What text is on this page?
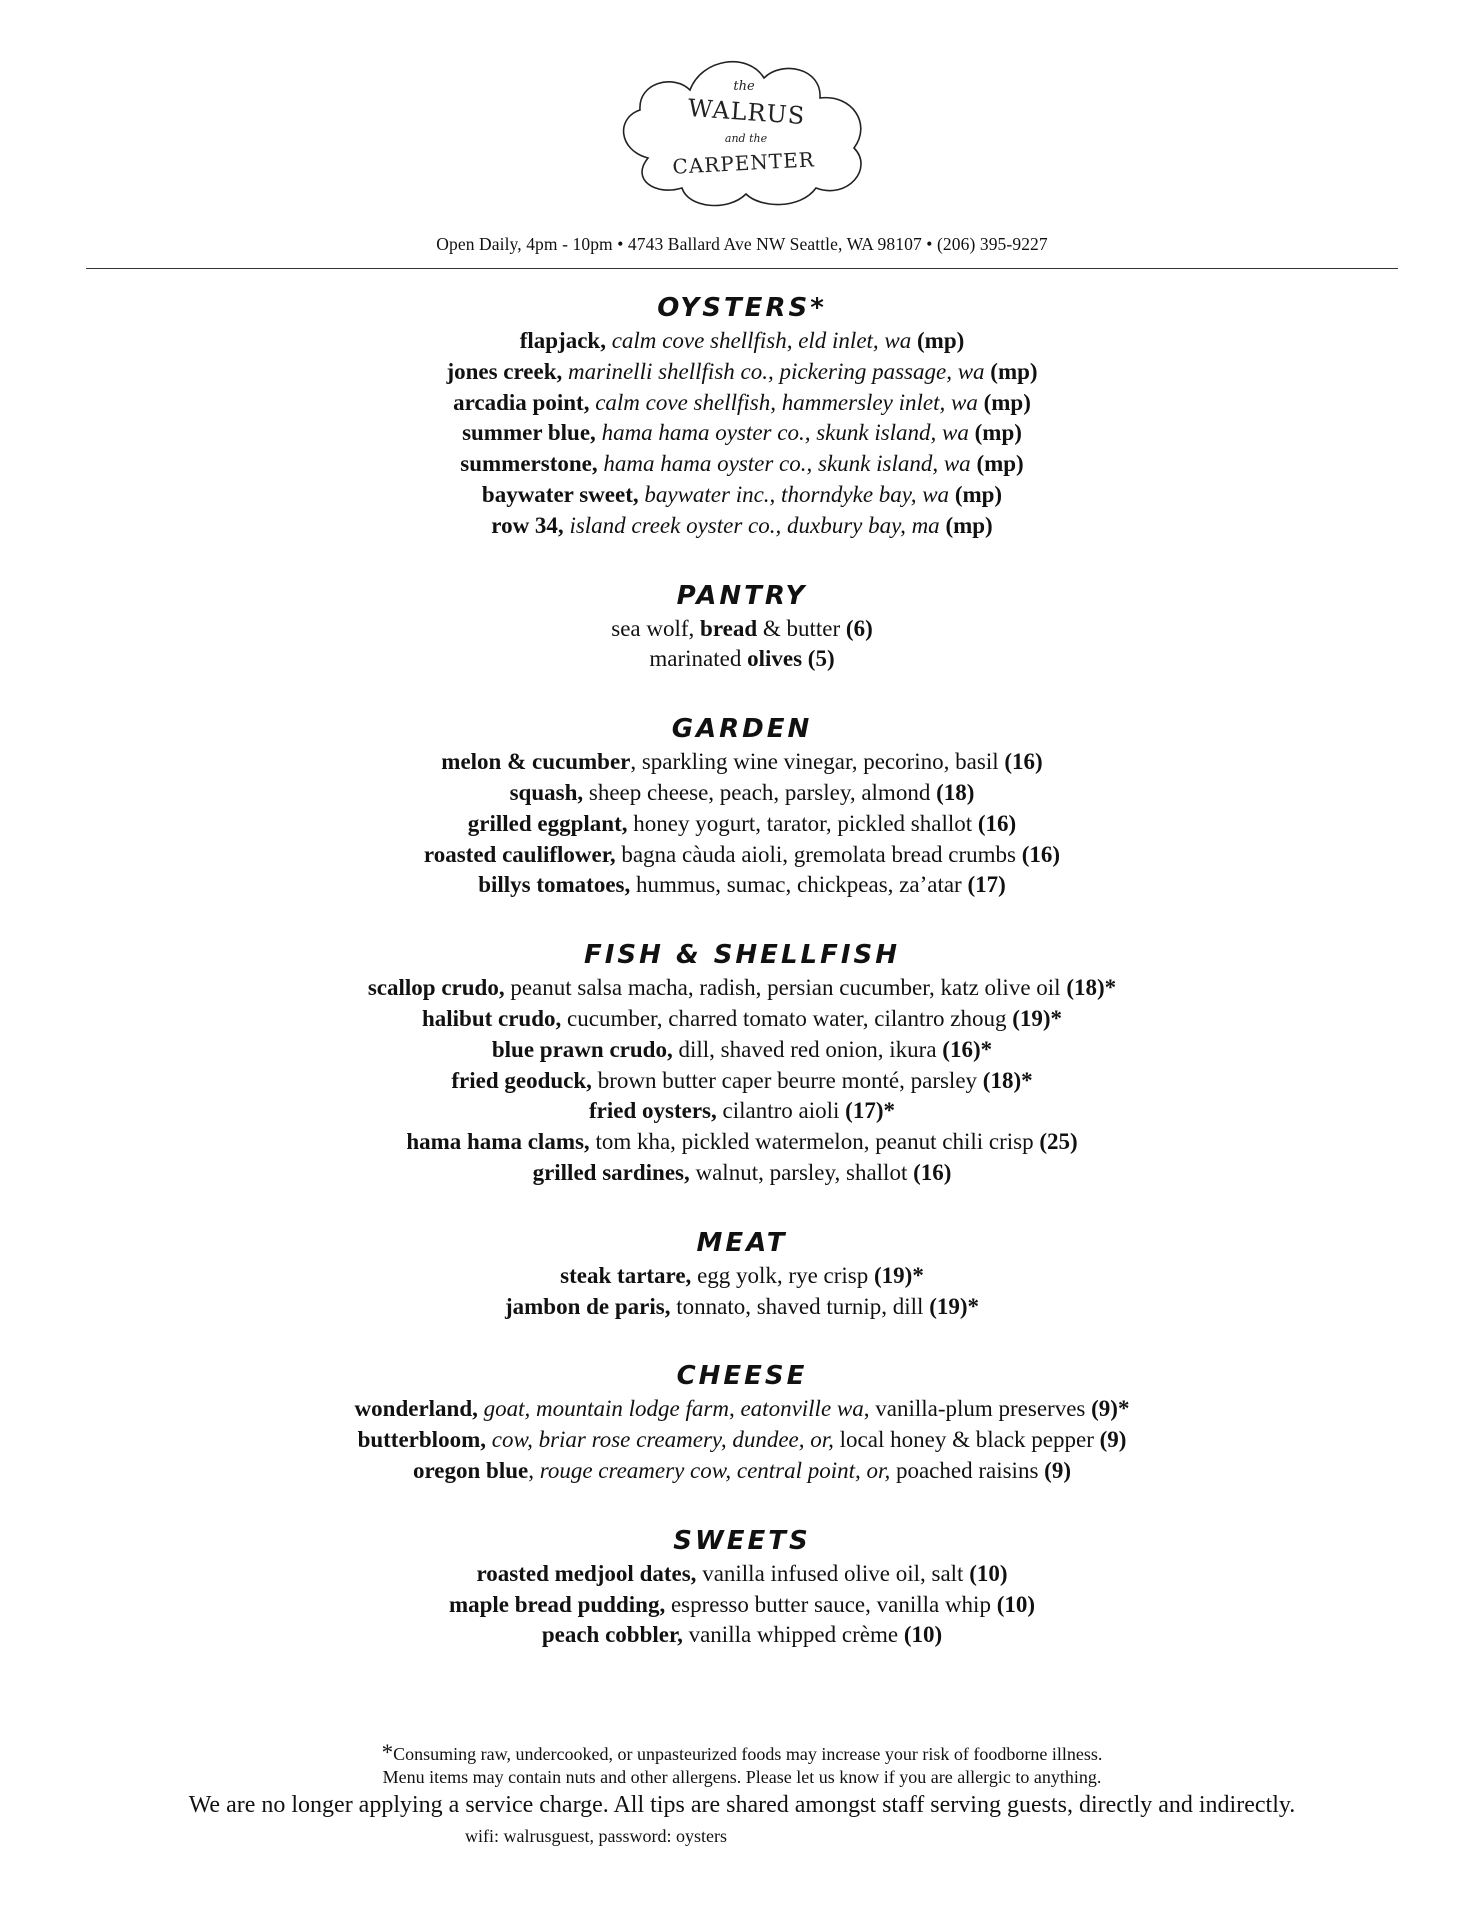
the
WALRUS
and the
CARPENTER
Open Daily, 4pm - 10pm • 4743 Ballard Ave NW Seattle, WA 98107 • (206) 395-9227
OYSTERS*
flapjack, calm cove shellfish, eld inlet, wa (mp)
jones creek, marinelli shellfish co., pickering passage, wa (mp)
arcadia point, calm cove shellfish, hammersley inlet, wa (mp)
summer blue, hama hama oyster co., skunk island, wa (mp)
summerstone, hama hama oyster co., skunk island, wa (mp)
baywater sweet, baywater inc., thorndyke bay, wa (mp)
row 34, island creek oyster co., duxbury bay, ma (mp)
PANTRY
sea wolf, bread & butter (6)
marinated olives (5)
GARDEN
melon & cucumber, sparkling wine vinegar, pecorino, basil (16)
squash, sheep cheese, peach, parsley, almond (18)
grilled eggplant, honey yogurt, tarator, pickled shallot (16)
roasted cauliflower, bagna càuda aioli, gremolata bread crumbs (16)
billys tomatoes, hummus, sumac, chickpeas, za’atar (17)
FISH & SHELLFISH
scallop crudo, peanut salsa macha, radish, persian cucumber, katz olive oil (18)*
halibut crudo, cucumber, charred tomato water, cilantro zhoug (19)*
blue prawn crudo, dill, shaved red onion, ikura (16)*
fried geoduck, brown butter caper beurre monté, parsley (18)*
fried oysters, cilantro aioli (17)*
hama hama clams, tom kha, pickled watermelon, peanut chili crisp (25)
grilled sardines, walnut, parsley, shallot (16)
MEAT
steak tartare, egg yolk, rye crisp (19)*
jambon de paris, tonnato, shaved turnip, dill (19)*
CHEESE
wonderland, goat, mountain lodge farm, eatonville wa, vanilla-plum preserves (9)*
butterbloom, cow, briar rose creamery, dundee, or, local honey & black pepper (9)
oregon blue, rouge creamery cow, central point, or, poached raisins (9)
SWEETS
roasted medjool dates, vanilla infused olive oil, salt (10)
maple bread pudding, espresso butter sauce, vanilla whip (10)
peach cobbler, vanilla whipped crème (10)
*Consuming raw, undercooked, or unpasteurized foods may increase your risk of foodborne illness.
Menu items may contain nuts and other allergens. Please let us know if you are allergic to anything.
We are no longer applying a service charge. All tips are shared amongst staff serving guests, directly and indirectly.
wifi: walrusguest, password: oysters
